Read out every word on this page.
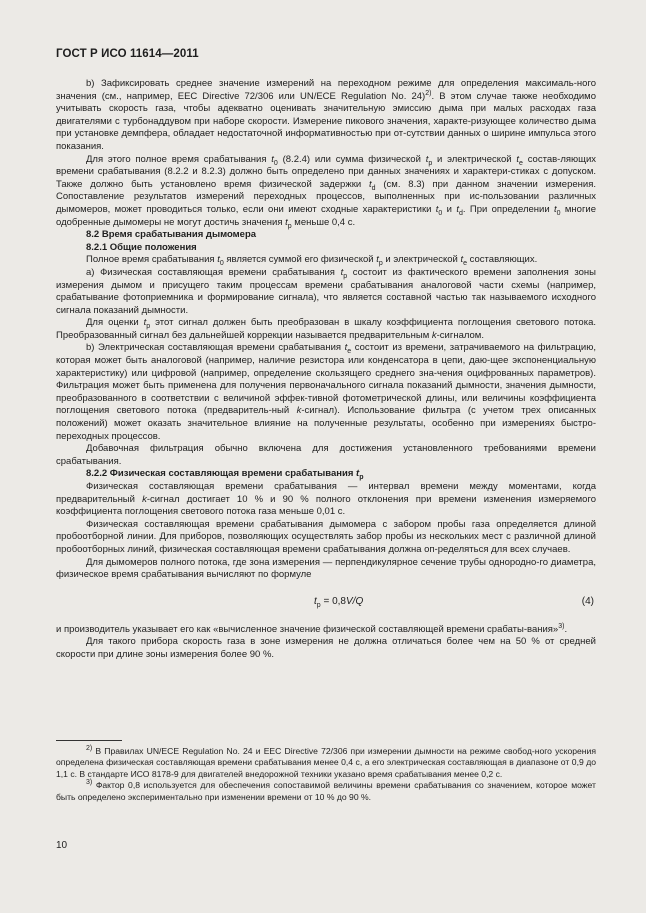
ГОСТ Р ИСО 11614—2011

b) Зафиксировать среднее значение измерений на переходном режиме для определения максималь-ного значения (см., например, EEC Directive 72/306 или UN/ECE Regulation No. 24)$^{2)}$. В этом случае также необходимо учитывать скорость газа, чтобы адекватно оценивать значительную эмиссию дыма при малых расходах газа двигателями с турбонаддувом при наборе скорости. Измерение пикового значения, характе-ризующее количество дыма при установке демпфера, обладает недостаточной информативностью при от-сутствии данных о ширине импульса этого показания.

Для этого полное время срабатывания $t_0$ (8.2.4) или сумма физической $t_p$ и электрической $t_e$ состав-ляющих времени срабатывания (8.2.2 и 8.2.3) должно быть определено при данных значениях и характери-стиках с допуском. Также должно быть установлено время физической задержки $t_d$ (см. 8.3) при данном значении измерения. Сопоставление результатов измерений переходных процессов, выполненных при ис-пользовании различных дымомеров, может проводиться только, если они имеют сходные характеристики $t_0$ и $t_d$. При определении $t_0$ многие одобренные дымомеры не могут достичь значения $t_p$ меньше 0,4 с.

8.2 Время срабатывания дымомера

8.2.1 Общие положения

Полное время срабатывания $t_0$ является суммой его физической $t_p$ и электрической $t_e$ составляющих.

а) Физическая составляющая времени срабатывания $t_p$ состоит из фактического времени заполнения зоны измерения дымом и присущего таким процессам времени срабатывания аналоговой части схемы (например, срабатывание фотоприемника и формирование сигнала), что является составной частью так называемого исходного сигнала показаний дымности.

Для оценки $t_p$ этот сигнал должен быть преобразован в шкалу коэффициента поглощения светового потока. Преобразованный сигнал без дальнейшей коррекции называется предварительным k-сигналом.

b) Электрическая составляющая времени срабатывания $t_e$ состоит из времени, затрачиваемого на фильтрацию, которая может быть аналоговой (например, наличие резистора или конденсатора в цепи, даю-щее экспоненциальную характеристику) или цифровой (например, определение скользящего среднего зна-чения оцифрованных параметров). Фильтрация может быть применена для получения первоначального сигнала показаний дымности, значения дымности, преобразованного в соответствии с величиной эффек-тивной фотометрической длины, или величины коэффициента поглощения светового потока (предваритель-ный k-сигнал). Использование фильтра (с учетом трех описанных положений) может оказать значительное влияние на полученные результаты, особенно при измерениях быстро-переходных процессов.

Добавочная фильтрация обычно включена для достижения установленного требованиями времени срабатывания.

8.2.2 Физическая составляющая времени срабатывания $t_p$

Физическая составляющая времени срабатывания — интервал времени между моментами, когда предварительный k-сигнал достигает 10 % и 90 % полного отклонения при времени изменения измеряемого коэффициента поглощения светового потока газа меньше 0,01 с.

Физическая составляющая времени срабатывания дымомера с забором пробы газа определяется длиной пробоотборной линии. Для приборов, позволяющих осуществлять забор пробы из нескольких мест с различной длиной пробоотборных линий, физическая составляющая времени срабатывания должна оп-ределяться для всех случаев.

Для дымомеров полного потока, где зона измерения — перпендикулярное сечение трубы однородно-го диаметра, физическое время срабатывания вычисляют по формуле

$t_p = 0,8V/Q$	(4)

и производитель указывает его как «вычисленное значение физической составляющей времени срабаты-вания»$^{3)}$.

Для такого прибора скорость газа в зоне измерения не должна отличаться более чем на 50 % от средней скорости при длине зоны измерения более 90 %.

$^{2)}$ В Правилах UN/ECE Regulation No. 24 и EEC Directive 72/306 при измерении дымности на режиме свобод-ного ускорения определена физическая составляющая времени срабатывания менее 0,4 с, а его электрическая составляющая в диапазоне от 0,9 до 1,1 с. В стандарте ИСО 8178-9 для двигателей внедорожной техники указано время срабатывания менее 0,2 с.

$^{3)}$ Фактор 0,8 используется для обеспечения сопоставимой величины времени срабатывания со значением, которое может быть определено экспериментально при изменении времени от 10 % до 90 %.

10
